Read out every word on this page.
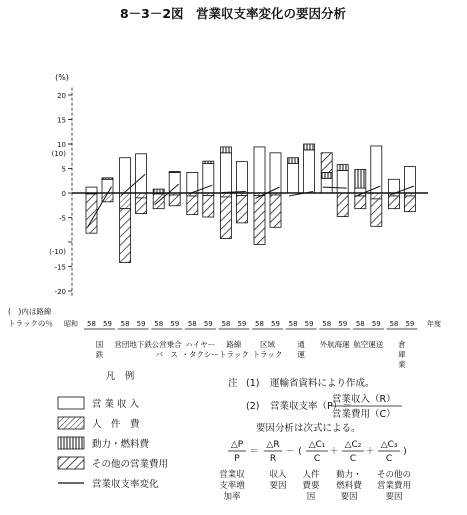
8－3－2図　営業収支率変化の要因分析
(%)
20
15
(10)
10
5
0
-5
(-10)
-15
-20
(　)内は路線
トラックの％ 昭和	年度
58 59 58 59 58 59 58 59 58 59 58 59 58 59 58 59 58 59 58 59
国
鉄
営団地下鉄 公営乗合
バ　ス
ハイヤー
・タクシー
路線
トラック
区域
トラック
通
運
外航海運 航空運送 倉
庫
業
凡　例
営 業 収 入
人　件　費
動力・燃料費
その他の営業費用
営業収支率変化
注 (1) 運輸省資料により作成。
(2) 営業収支率（P）＝
営業収入（R）
営業費用（C）
要因分析は次式による。
△P
P
＝
△R
R
－ (
△C₁
C
＋
△C₂
C
＋
△C₃
C
)
営業収
支率増
加率
収入
要因
人件
費要
因
動力・
燃料費
要因
その他の
営業費用
要因
